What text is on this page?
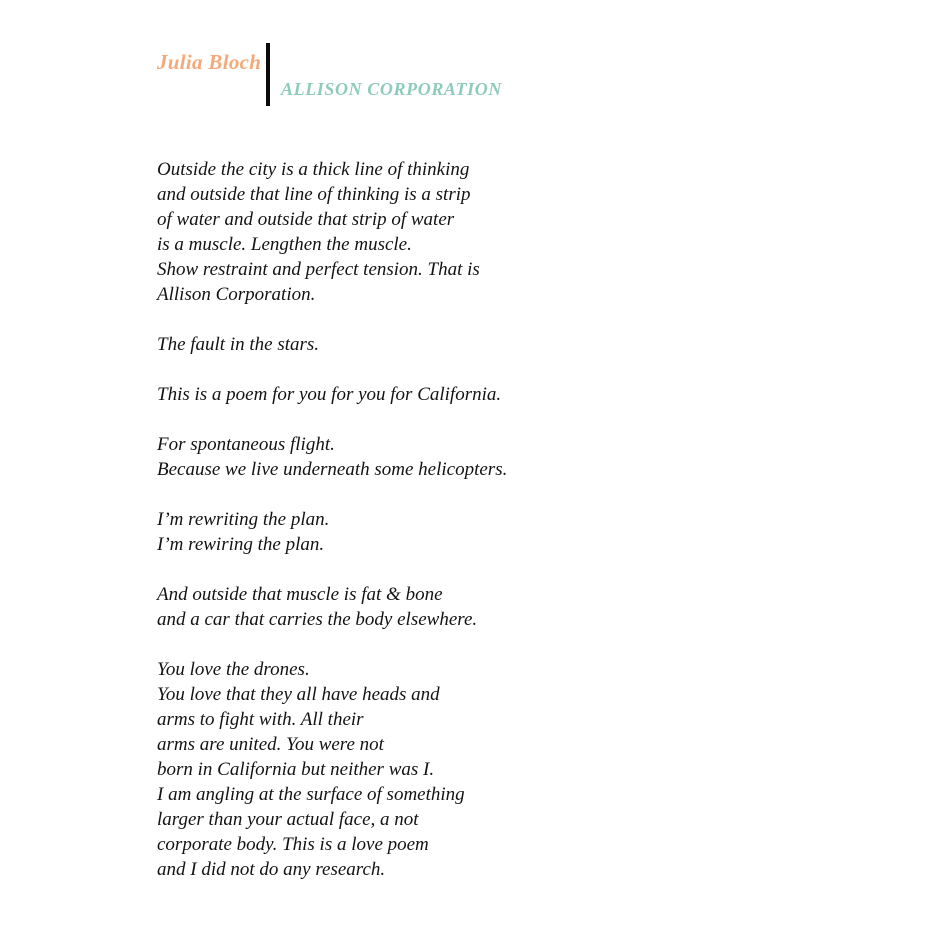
Julia Bloch
ALLISON CORPORATION
Outside the city is a thick line of thinking
and outside that line of thinking is a strip
of water and outside that strip of water
is a muscle. Lengthen the muscle.
Show restraint and perfect tension. That is
Allison Corporation.
The fault in the stars.
This is a poem for you for you for California.
For spontaneous flight.
Because we live underneath some helicopters.
I’m rewriting the plan.
I’m rewiring the plan.
And outside that muscle is fat & bone
and a car that carries the body elsewhere.
You love the drones.
You love that they all have heads and
arms to fight with. All their
arms are united. You were not
born in California but neither was I.
I am angling at the surface of something
larger than your actual face, a not
corporate body. This is a love poem
and I did not do any research.
